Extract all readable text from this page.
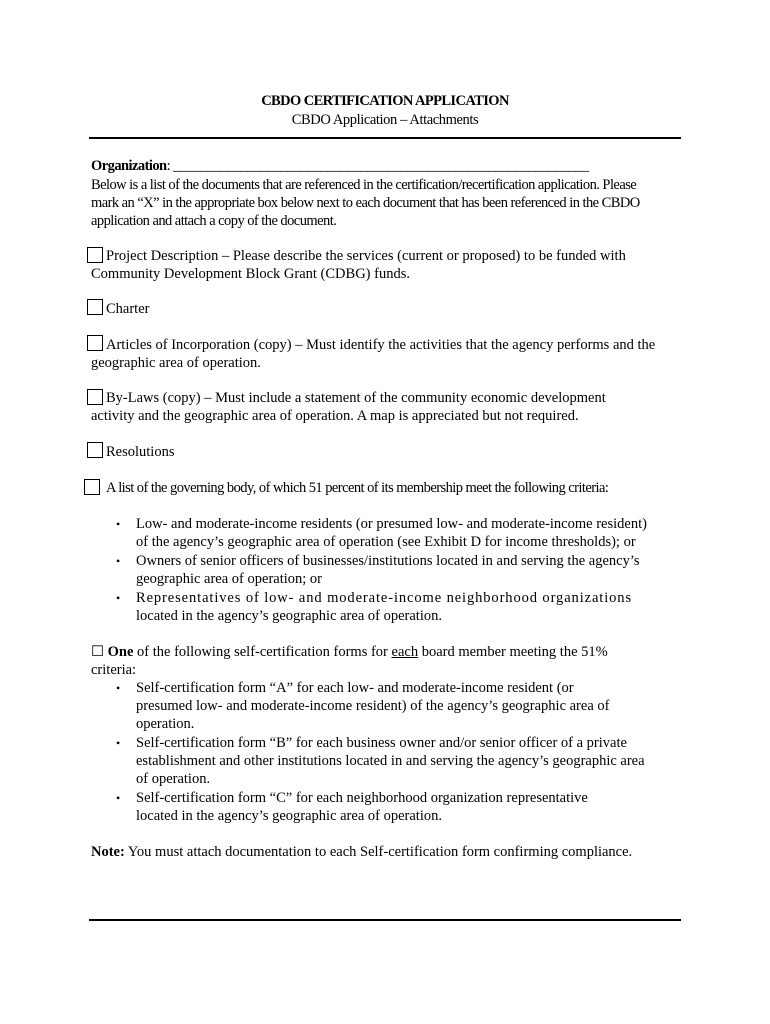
CBDO CERTIFICATION APPLICATION
CBDO Application – Attachments
Organization: ______________________________________________________________
Below is a list of the documents that are referenced in the certification/recertification application. Please
mark an “X” in the appropriate box below next to each document that has been referenced in the CBDO
application and attach a copy of the document.
Project Description – Please describe the services (current or proposed) to be funded with
Community Development Block Grant (CDBG) funds.
Charter
Articles of Incorporation (copy) – Must identify the activities that the agency performs and the
geographic area of operation.
By-Laws (copy) – Must include a statement of the community economic development
activity and the geographic area of operation. A map is appreciated but not required.
Resolutions
A list of the governing body, of which 51 percent of its membership meet the following criteria:
• Low- and moderate-income residents (or presumed low- and moderate-income resident)
of the agency’s geographic area of operation (see Exhibit D for income thresholds); or
• Owners of senior officers of businesses/institutions located in and serving the agency’s
geographic area of operation; or
• Representatives of low- and moderate-income neighborhood organizations
located in the agency’s geographic area of operation.
☐ One of the following self-certification forms for each board member meeting the 51%
criteria:
• Self-certification form “A” for each low- and moderate-income resident (or
presumed low- and moderate-income resident) of the agency’s geographic area of
operation.
• Self-certification form “B” for each business owner and/or senior officer of a private
establishment and other institutions located in and serving the agency’s geographic area
of operation.
• Self-certification form “C” for each neighborhood organization representative
located in the agency’s geographic area of operation.
Note: You must attach documentation to each Self-certification form confirming compliance.
